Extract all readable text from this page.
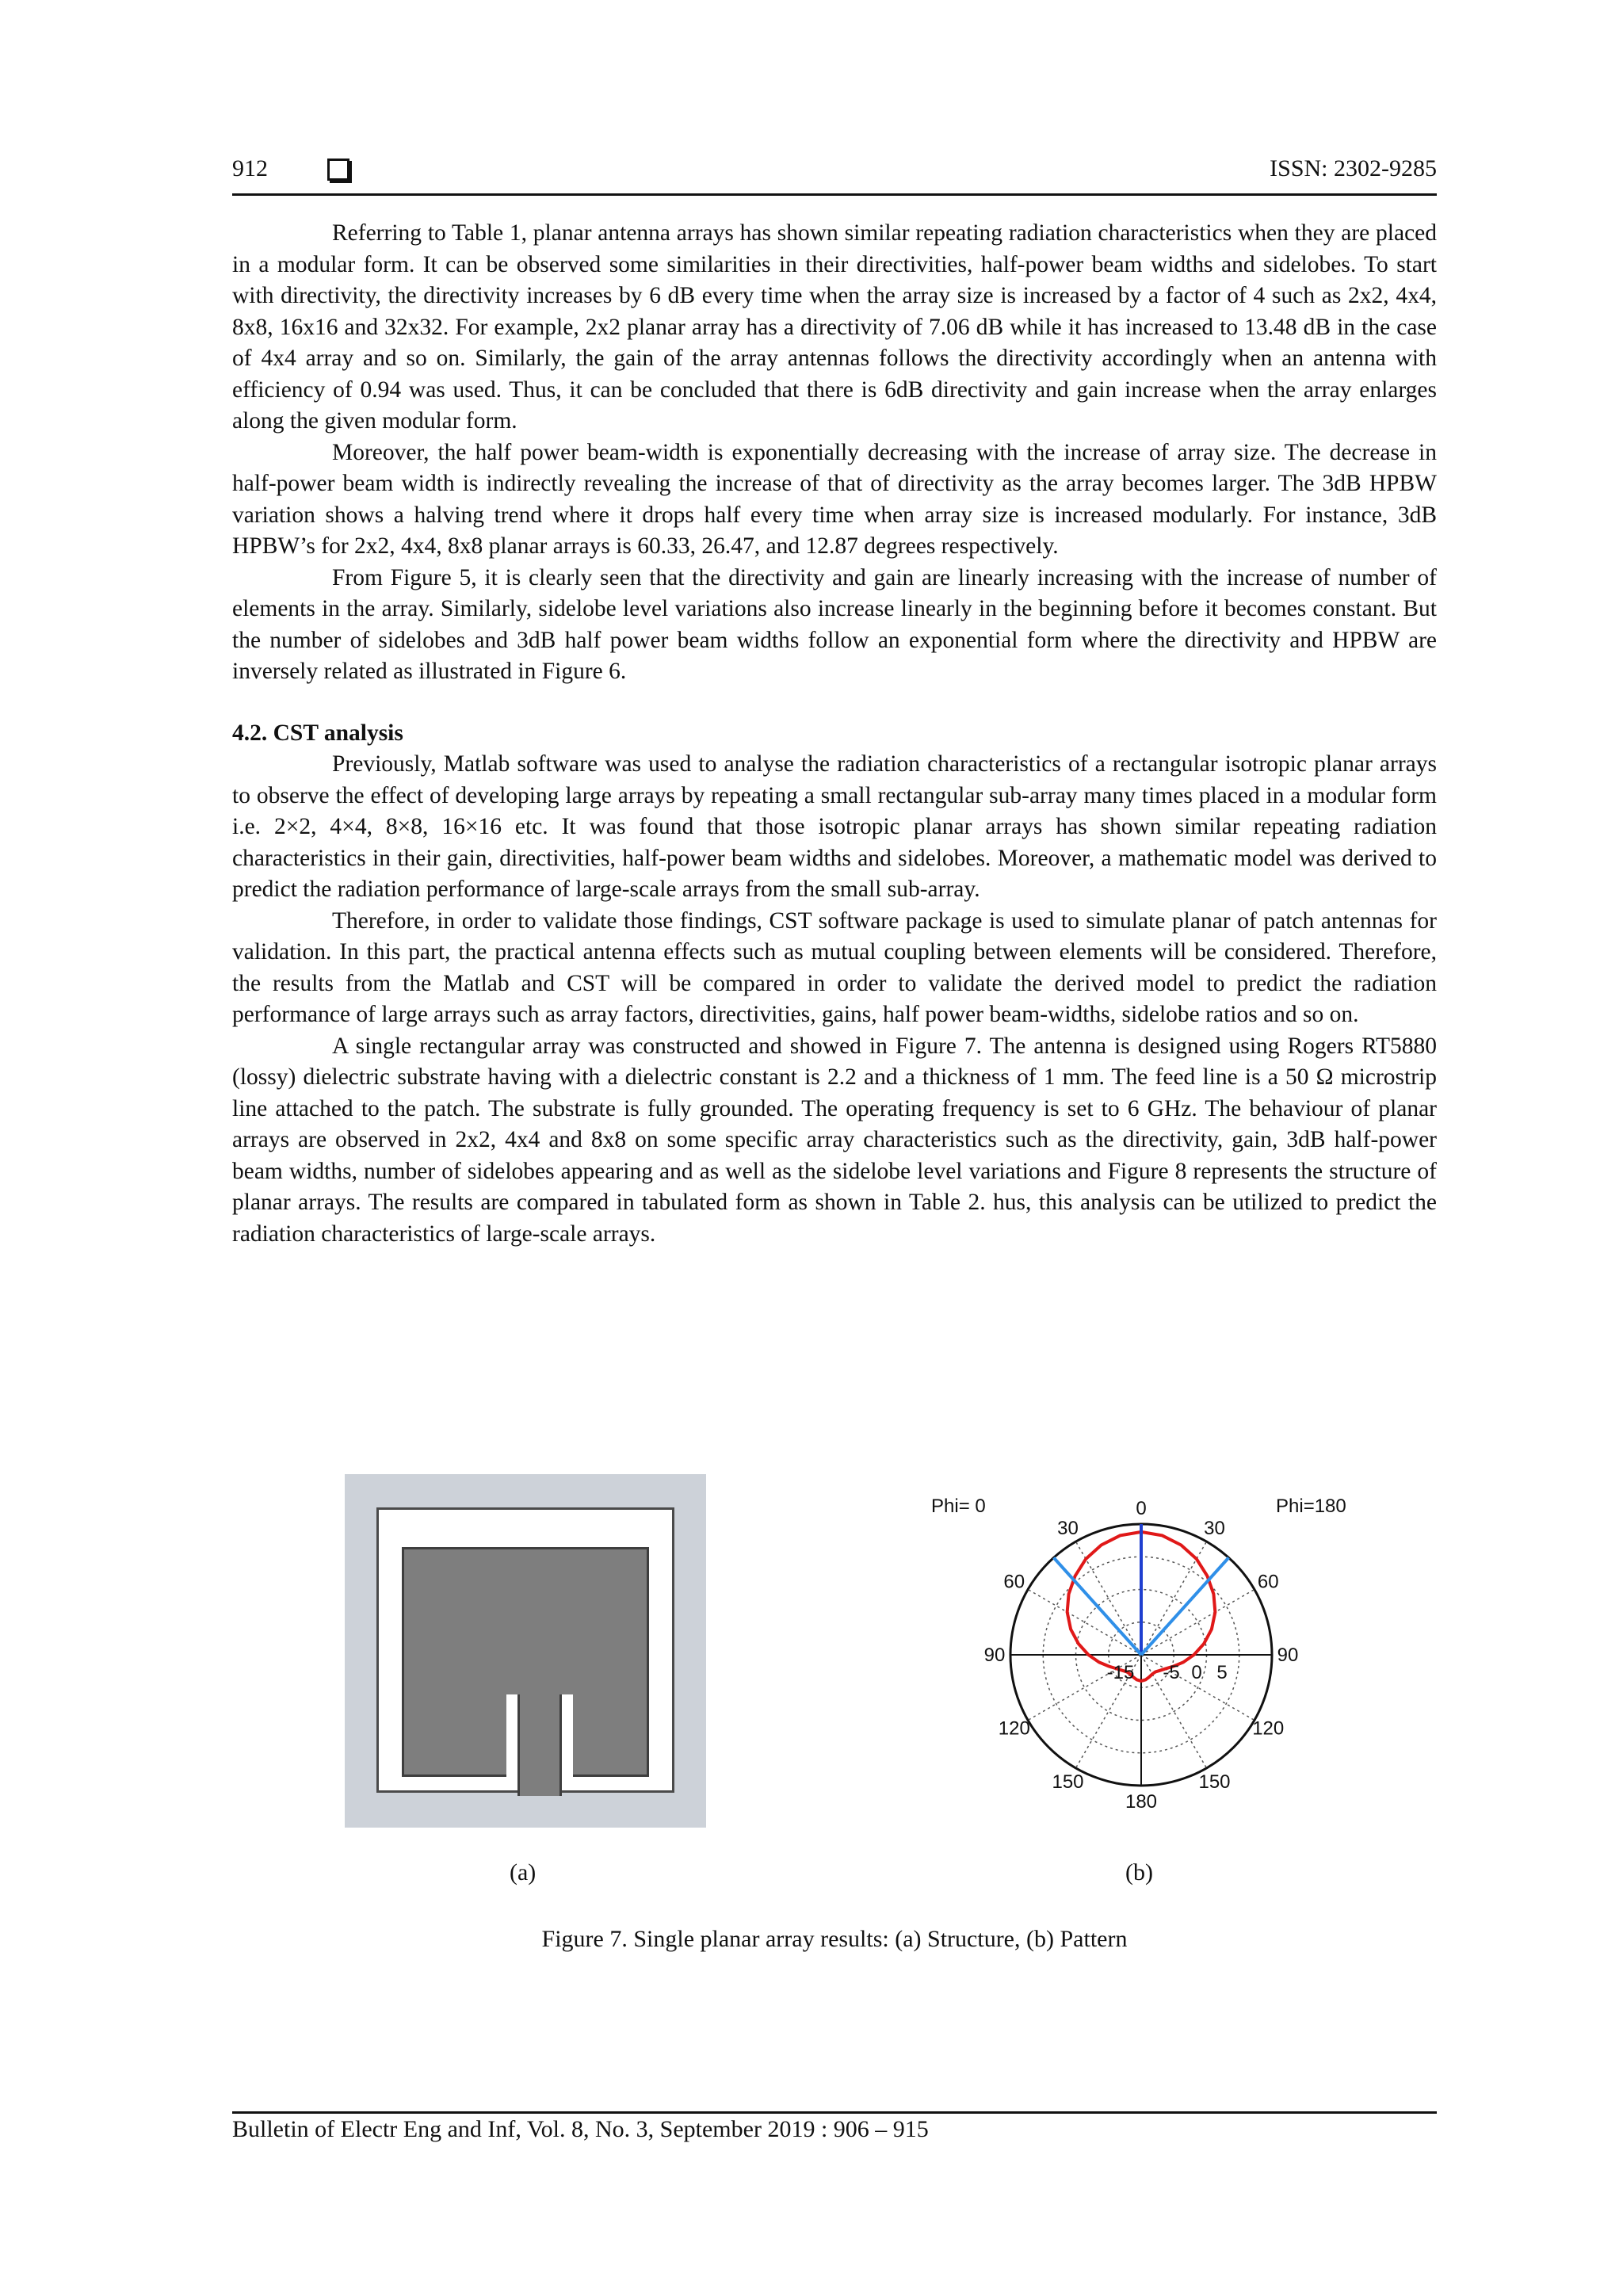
912	ISSN: 2302-9285

Referring to Table 1, planar antenna arrays has shown similar repeating radiation characteristics when they are placed in a modular form. It can be observed some similarities in their directivities, half-power beam widths and sidelobes. To start with directivity, the directivity increases by 6 dB every time when the array size is increased by a factor of 4 such as 2x2, 4x4, 8x8, 16x16 and 32x32. For example, 2x2 planar array has a directivity of 7.06 dB while it has increased to 13.48 dB in the case of 4x4 array and so on. Similarly, the gain of the array antennas follows the directivity accordingly when an antenna with efficiency of 0.94 was used. Thus, it can be concluded that there is 6dB directivity and gain increase when the array enlarges along the given modular form.

Moreover, the half power beam-width is exponentially decreasing with the increase of array size. The decrease in half-power beam width is indirectly revealing the increase of that of directivity as the array becomes larger. The 3dB HPBW variation shows a halving trend where it drops half every time when array size is increased modularly. For instance, 3dB HPBW’s for 2x2, 4x4, 8x8 planar arrays is 60.33, 26.47, and 12.87 degrees respectively.

From Figure 5, it is clearly seen that the directivity and gain are linearly increasing with the increase of number of elements in the array. Similarly, sidelobe level variations also increase linearly in the beginning before it becomes constant. But the number of sidelobes and 3dB half power beam widths follow an exponential form where the directivity and HPBW are inversely related as illustrated in Figure 6.

4.2. CST analysis

Previously, Matlab software was used to analyse the radiation characteristics of a rectangular isotropic planar arrays to observe the effect of developing large arrays by repeating a small rectangular sub-array many times placed in a modular form i.e. 2×2, 4×4, 8×8, 16×16 etc. It was found that those isotropic planar arrays has shown similar repeating radiation characteristics in their gain, directivities, half-power beam widths and sidelobes. Moreover, a mathematic model was derived to predict the radiation performance of large-scale arrays from the small sub-array.

Therefore, in order to validate those findings, CST software package is used to simulate planar of patch antennas for validation. In this part, the practical antenna effects such as mutual coupling between elements will be considered. Therefore, the results from the Matlab and CST will be compared in order to validate the derived model to predict the radiation performance of large arrays such as array factors, directivities, gains, half power beam-widths, sidelobe ratios and so on.

A single rectangular array was constructed and showed in Figure 7. The antenna is designed using Rogers RT5880 (lossy) dielectric substrate having with a dielectric constant is 2.2 and a thickness of 1 mm. The feed line is a 50 Ω microstrip line attached to the patch. The substrate is fully grounded. The operating frequency is set to 6 GHz. The behaviour of planar arrays are observed in 2x2, 4x4 and 8x8 on some specific array characteristics such as the directivity, gain, 3dB half-power beam widths, number of sidelobes appearing and as well as the sidelobe level variations and Figure 8 represents the structure of planar arrays. The results are compared in tabulated form as shown in Table 2. hus, this analysis can be utilized to predict the radiation characteristics of large-scale arrays.

0
30
60
90
120
150
180
150
120
90
60
30
-15 -5 0 5
Phi= 0	Phi=180
(a)	(b)
Figure 7. Single planar array results: (a) Structure, (b) Pattern
Bulletin of Electr Eng and Inf, Vol. 8, No. 3, September 2019 : 906 – 915
